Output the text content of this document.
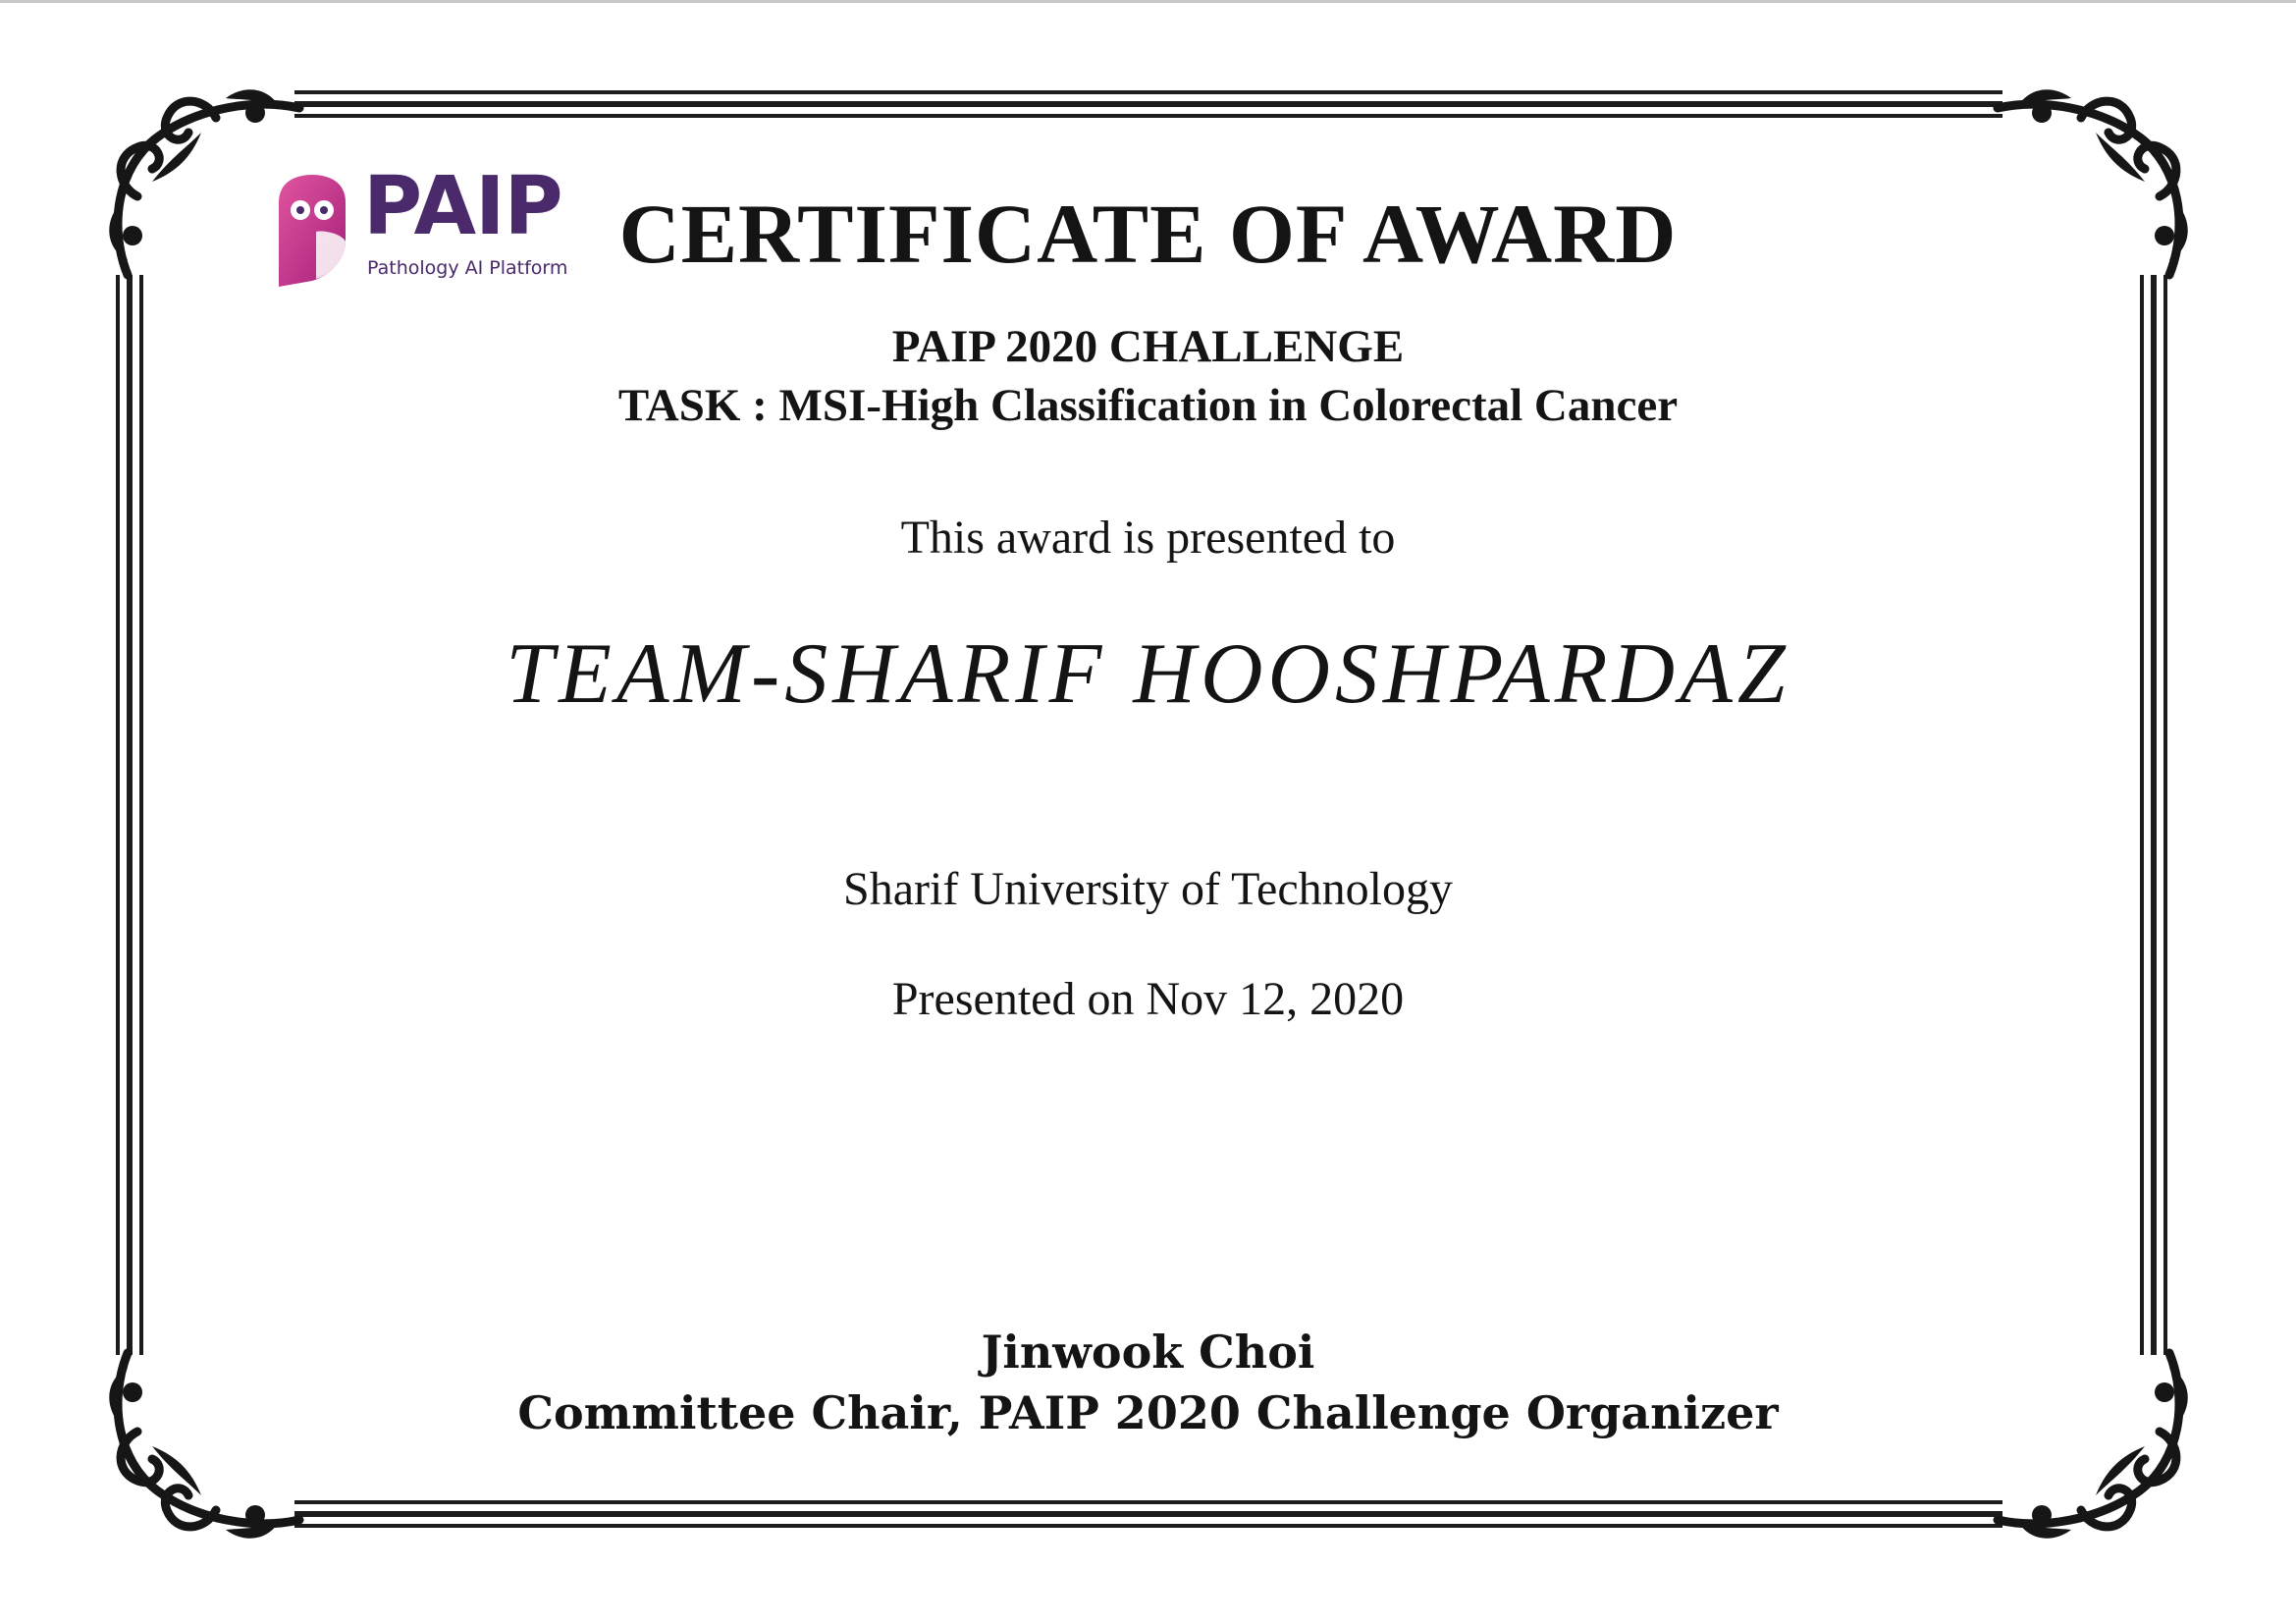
PAIP
Pathology AI Platform CERTIFICATE OF AWARD
PAIP 2020 CHALLENGE
TASK : MSI-High Classification in Colorectal Cancer
This award is presented to
TEAM-SHARIF HOOSHPARDAZ
Sharif University of Technology
Presented on Nov 12, 2020
Jinwook Choi
Committee Chair, PAIP 2020 Challenge Organizer
